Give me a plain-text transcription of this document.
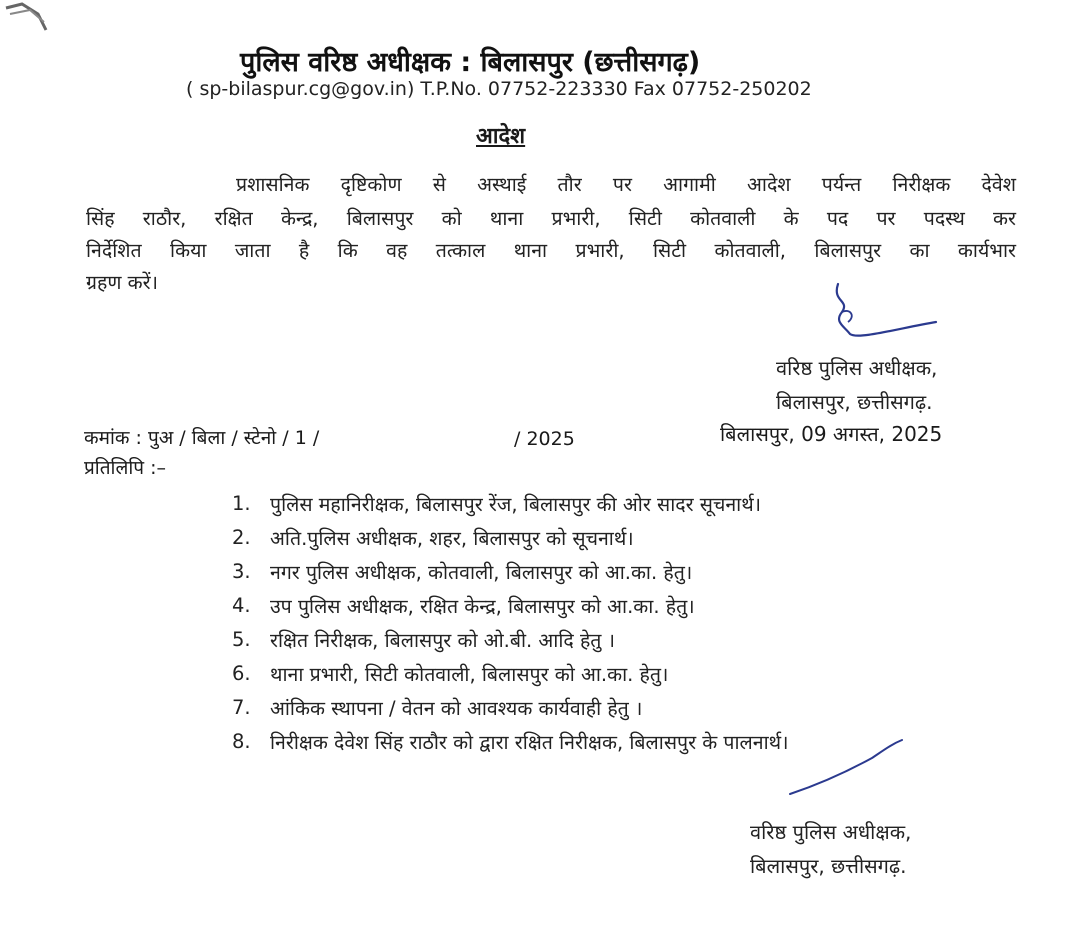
पुलिस वरिष्ठ अधीक्षक : बिलासपुर (छत्तीसगढ़)
( sp-bilaspur.cg@gov.in) T.P.No. 07752-223330 Fax 07752-250202
आदेश
प्रशासनिक दृष्टिकोण से अस्थाई तौर पर आगामी आदेश पर्यन्त निरीक्षक देवेश
सिंह राठौर, रक्षित केन्द्र, बिलासपुर को थाना प्रभारी, सिटी कोतवाली के पद पर पदस्थ कर
निर्देशित किया जाता है कि वह तत्काल थाना प्रभारी, सिटी कोतवाली, बिलासपुर का कार्यभार
ग्रहण करें।
वरिष्ठ पुलिस अधीक्षक,
बिलासपुर, छत्तीसगढ़.
कमांक : पुअ / बिला / स्टेनो / 1 /	/ 2025	बिलासपुर, 09 अगस्त, 2025
प्रतिलिपि :–
1. पुलिस महानिरीक्षक, बिलासपुर रेंज, बिलासपुर की ओर सादर सूचनार्थ।
2. अति.पुलिस अधीक्षक, शहर, बिलासपुर को सूचनार्थ।
3. नगर पुलिस अधीक्षक, कोतवाली, बिलासपुर को आ.का. हेतु।
4. उप पुलिस अधीक्षक, रक्षित केन्द्र, बिलासपुर को आ.का. हेतु।
5. रक्षित निरीक्षक, बिलासपुर को ओ.बी. आदि हेतु ।
6. थाना प्रभारी, सिटी कोतवाली, बिलासपुर को आ.का. हेतु।
7. आंकिक स्थापना / वेतन को आवश्यक कार्यवाही हेतु ।
8. निरीक्षक देवेश सिंह राठौर को द्वारा रक्षित निरीक्षक, बिलासपुर के पालनार्थ।
वरिष्ठ पुलिस अधीक्षक,
बिलासपुर, छत्तीसगढ़.
